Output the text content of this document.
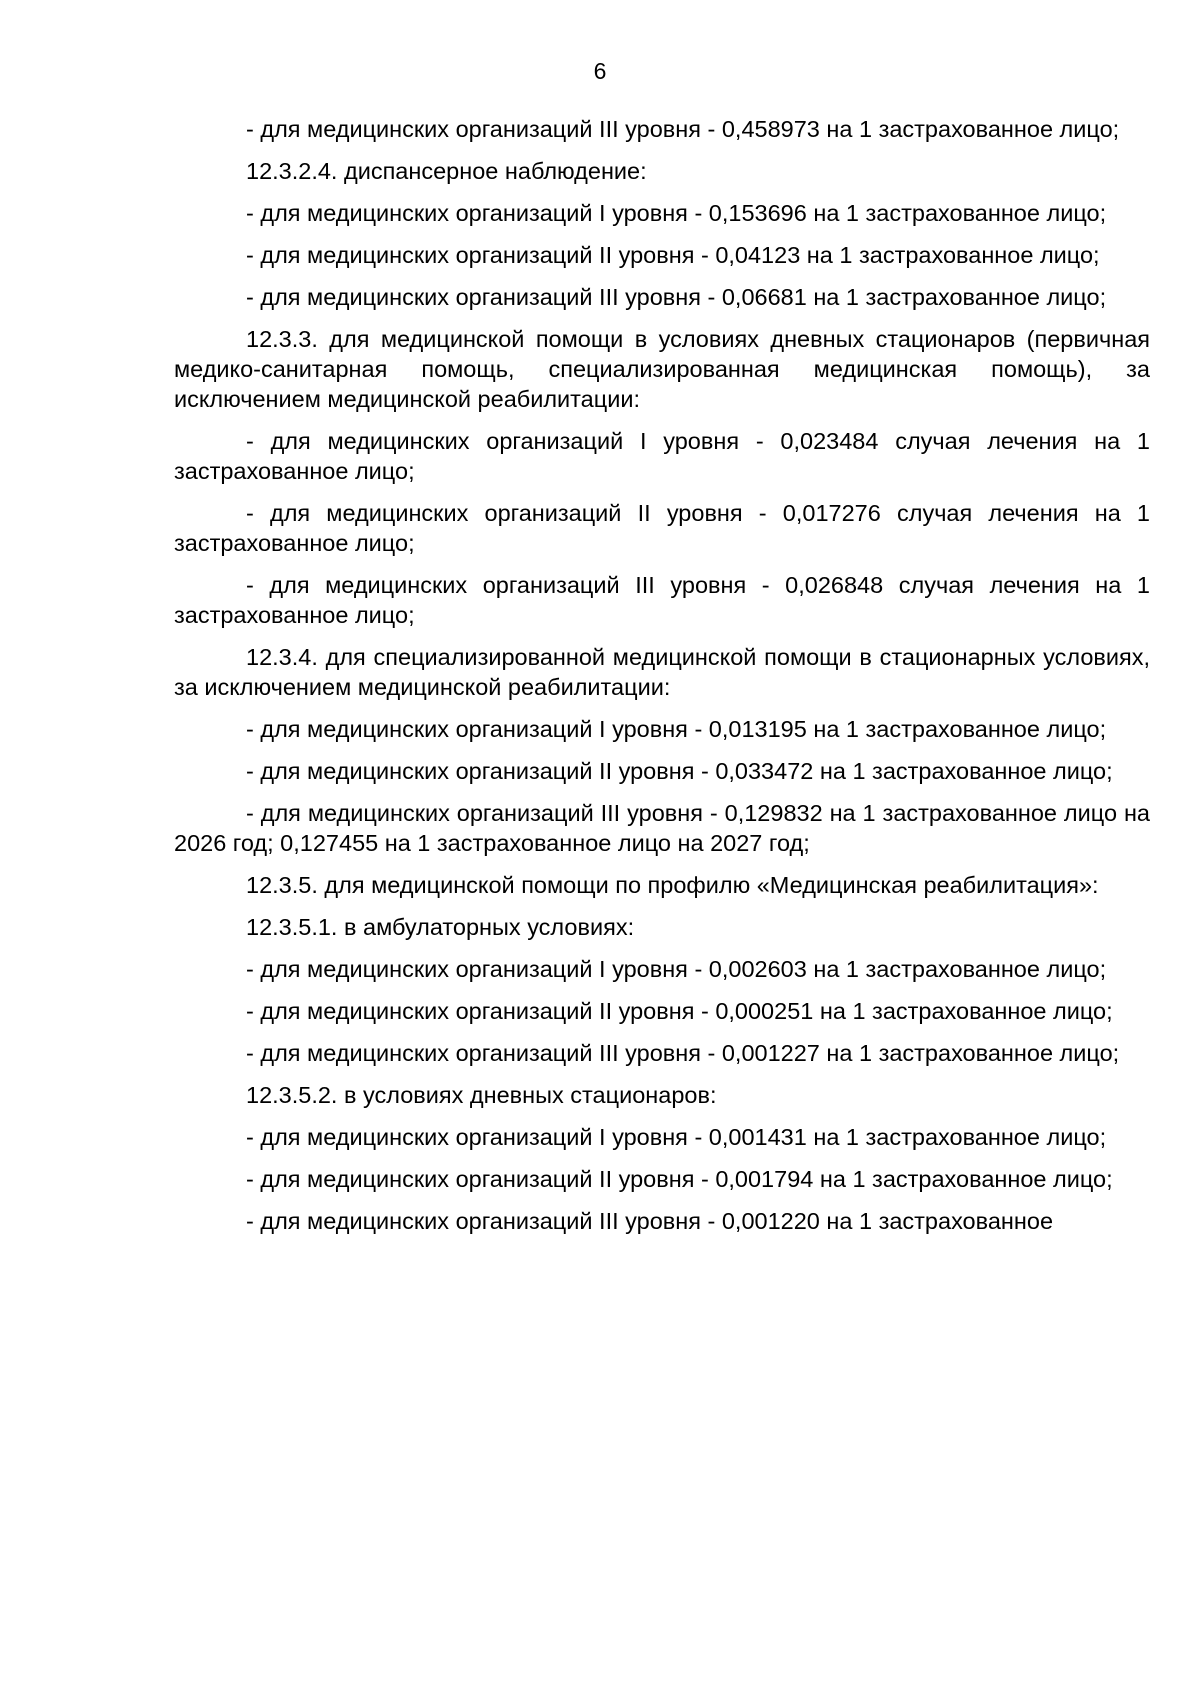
6

- для медицинских организаций III уровня - 0,458973 на 1 застрахованное лицо;

12.3.2.4. диспансерное наблюдение:

- для медицинских организаций I уровня - 0,153696 на 1 застрахованное лицо;

- для медицинских организаций II уровня - 0,04123 на 1 застрахованное лицо;

- для медицинских организаций III уровня - 0,06681 на 1 застрахованное лицо;

12.3.3. для медицинской помощи в условиях дневных стационаров (первичная медико-санитарная помощь, специализированная медицинская помощь), за исключением медицинской реабилитации:

- для медицинских организаций I уровня - 0,023484 случая лечения на 1 застрахованное лицо;

- для медицинских организаций II уровня - 0,017276 случая лечения на 1 застрахованное лицо;

- для медицинских организаций III уровня - 0,026848 случая лечения на 1 застрахованное лицо;

12.3.4. для специализированной медицинской помощи в стационарных условиях, за исключением медицинской реабилитации:

- для медицинских организаций I уровня - 0,013195 на 1 застрахованное лицо;

- для медицинских организаций II уровня - 0,033472 на 1 застрахованное лицо;

- для медицинских организаций III уровня - 0,129832 на 1 застрахованное лицо на 2026 год; 0,127455 на 1 застрахованное лицо на 2027 год;

12.3.5. для медицинской помощи по профилю «Медицинская реабилитация»:

12.3.5.1. в амбулаторных условиях:

- для медицинских организаций I уровня - 0,002603 на 1 застрахованное лицо;

- для медицинских организаций II уровня - 0,000251 на 1 застрахованное лицо;

- для медицинских организаций III уровня - 0,001227 на 1 застрахованное лицо;

12.3.5.2. в условиях дневных стационаров:

- для медицинских организаций I уровня - 0,001431 на 1 застрахованное лицо;

- для медицинских организаций II уровня - 0,001794 на 1 застрахованное лицо;

- для медицинских организаций III уровня - 0,001220 на 1 застрахованное
